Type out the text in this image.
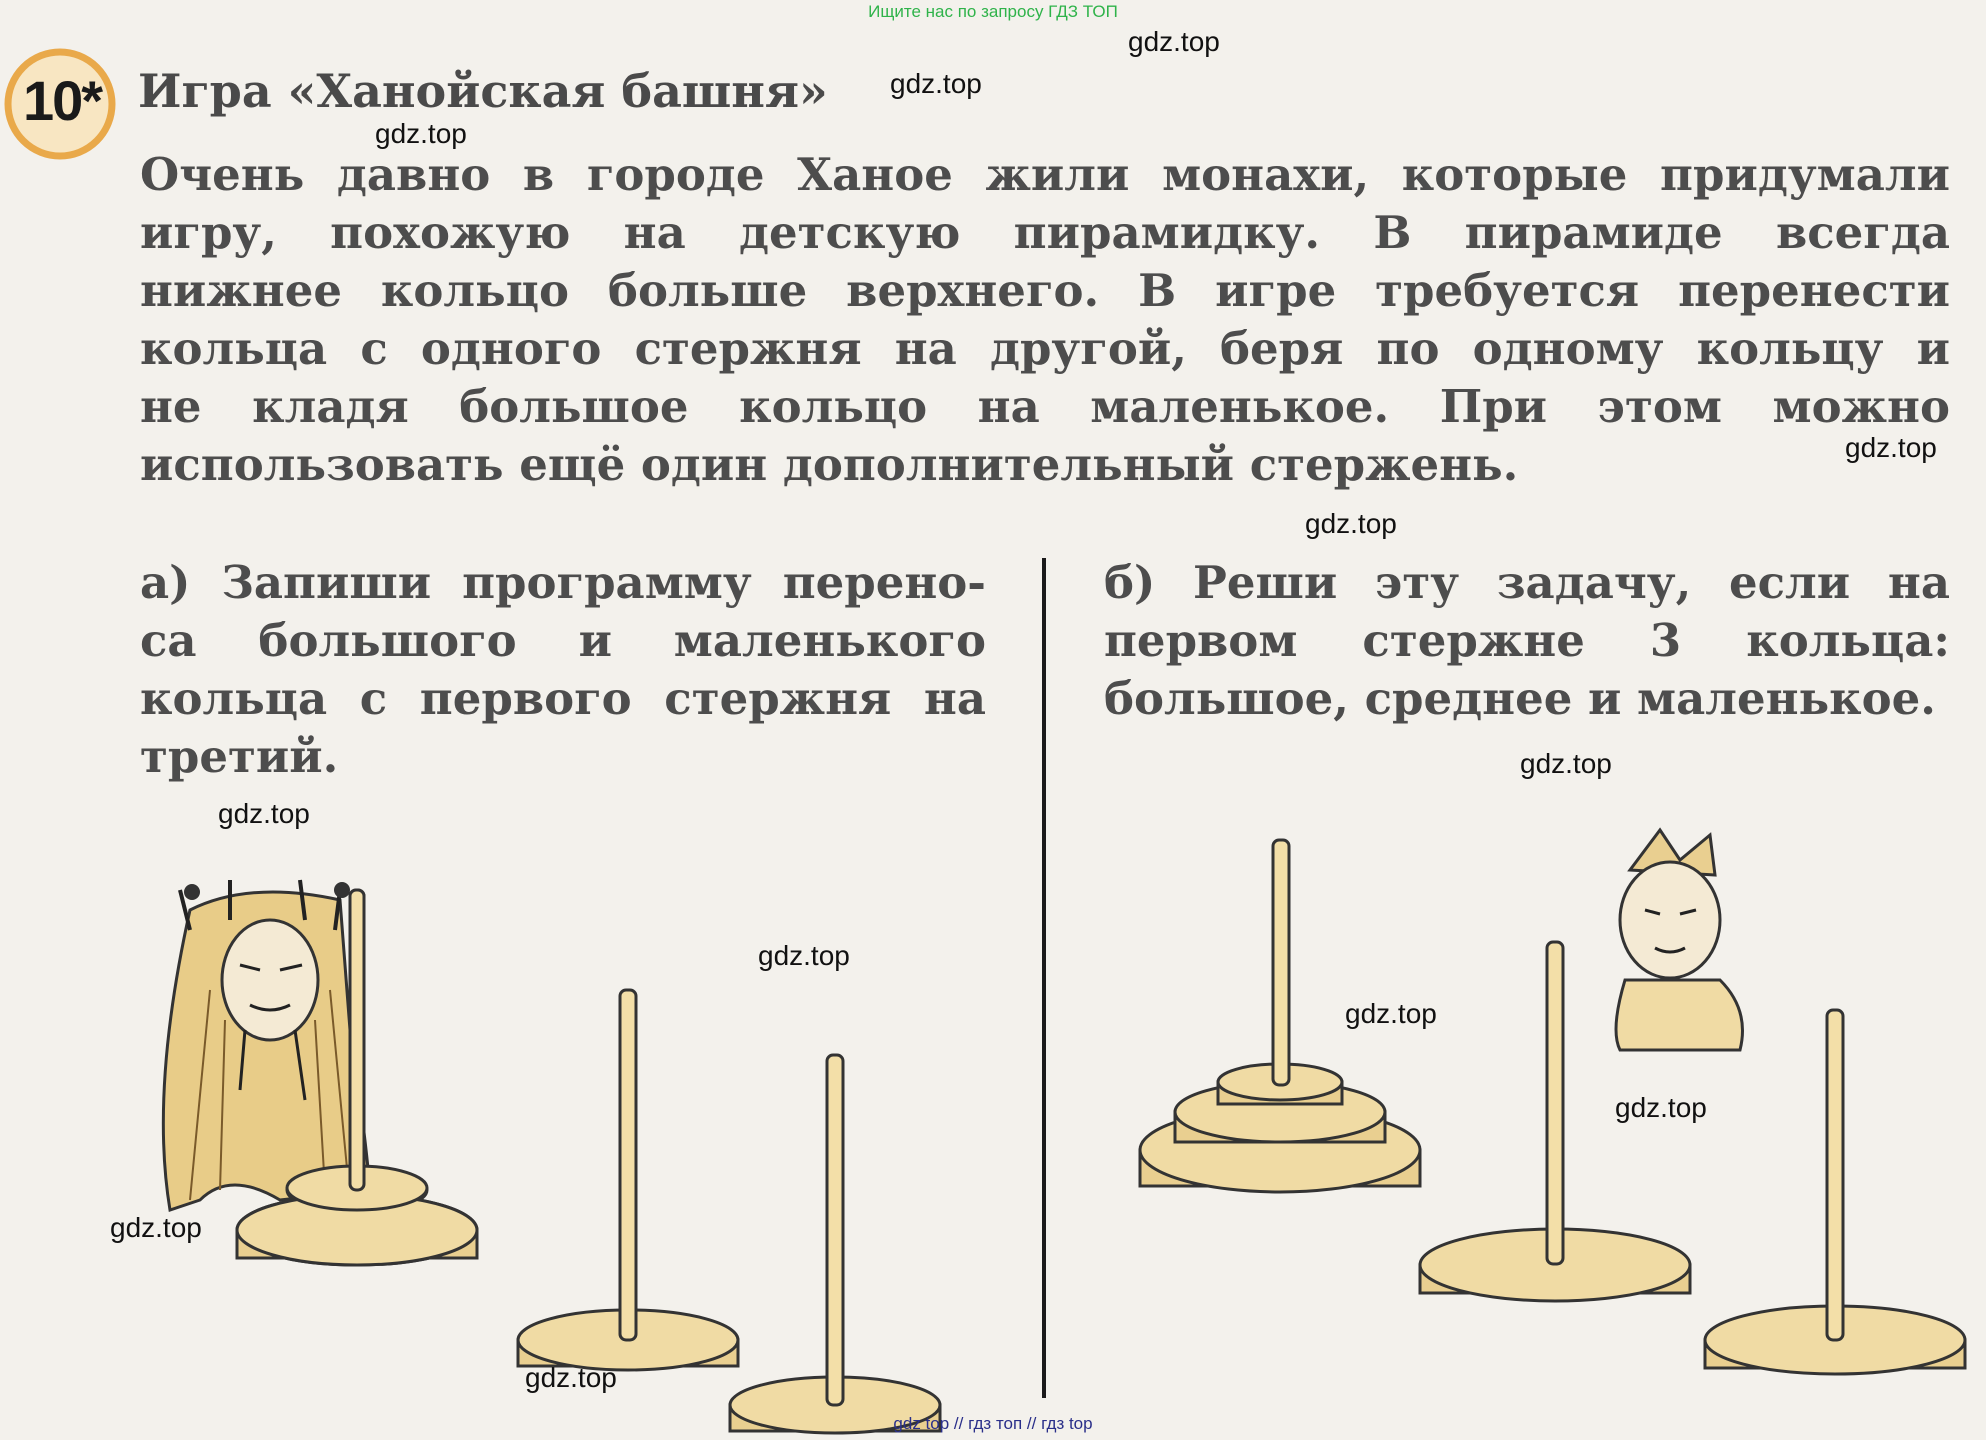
Ищите нас по запросу ГДЗ ТОП
10* Игра «Ханойская башня»
Очень давно в городе Ханое жили монахи, которые придумали
игру, похожую на детскую пирамидку. В пирамиде всегда
нижнее кольцо больше верхнего. В игре требуется перенести
кольца с одного стержня на другой, беря по одному кольцу и
не кладя большое кольцо на маленькое. При этом можно
использовать ещё один дополнительный стержень.
а) Запиши программу перено-
са большого и маленького
кольца с первого стержня на
третий.
б) Реши эту задачу, если на
первом стержне 3 кольца:
большое, среднее и маленькое.
gdz.top
gdz.top
gdz.top
gdz.top
gdz.top
gdz.top
gdz.top
gdz.top
gdz.top
gdz.top
gdz.top
gdz.top
gdz top // гдз топ // гдз top
